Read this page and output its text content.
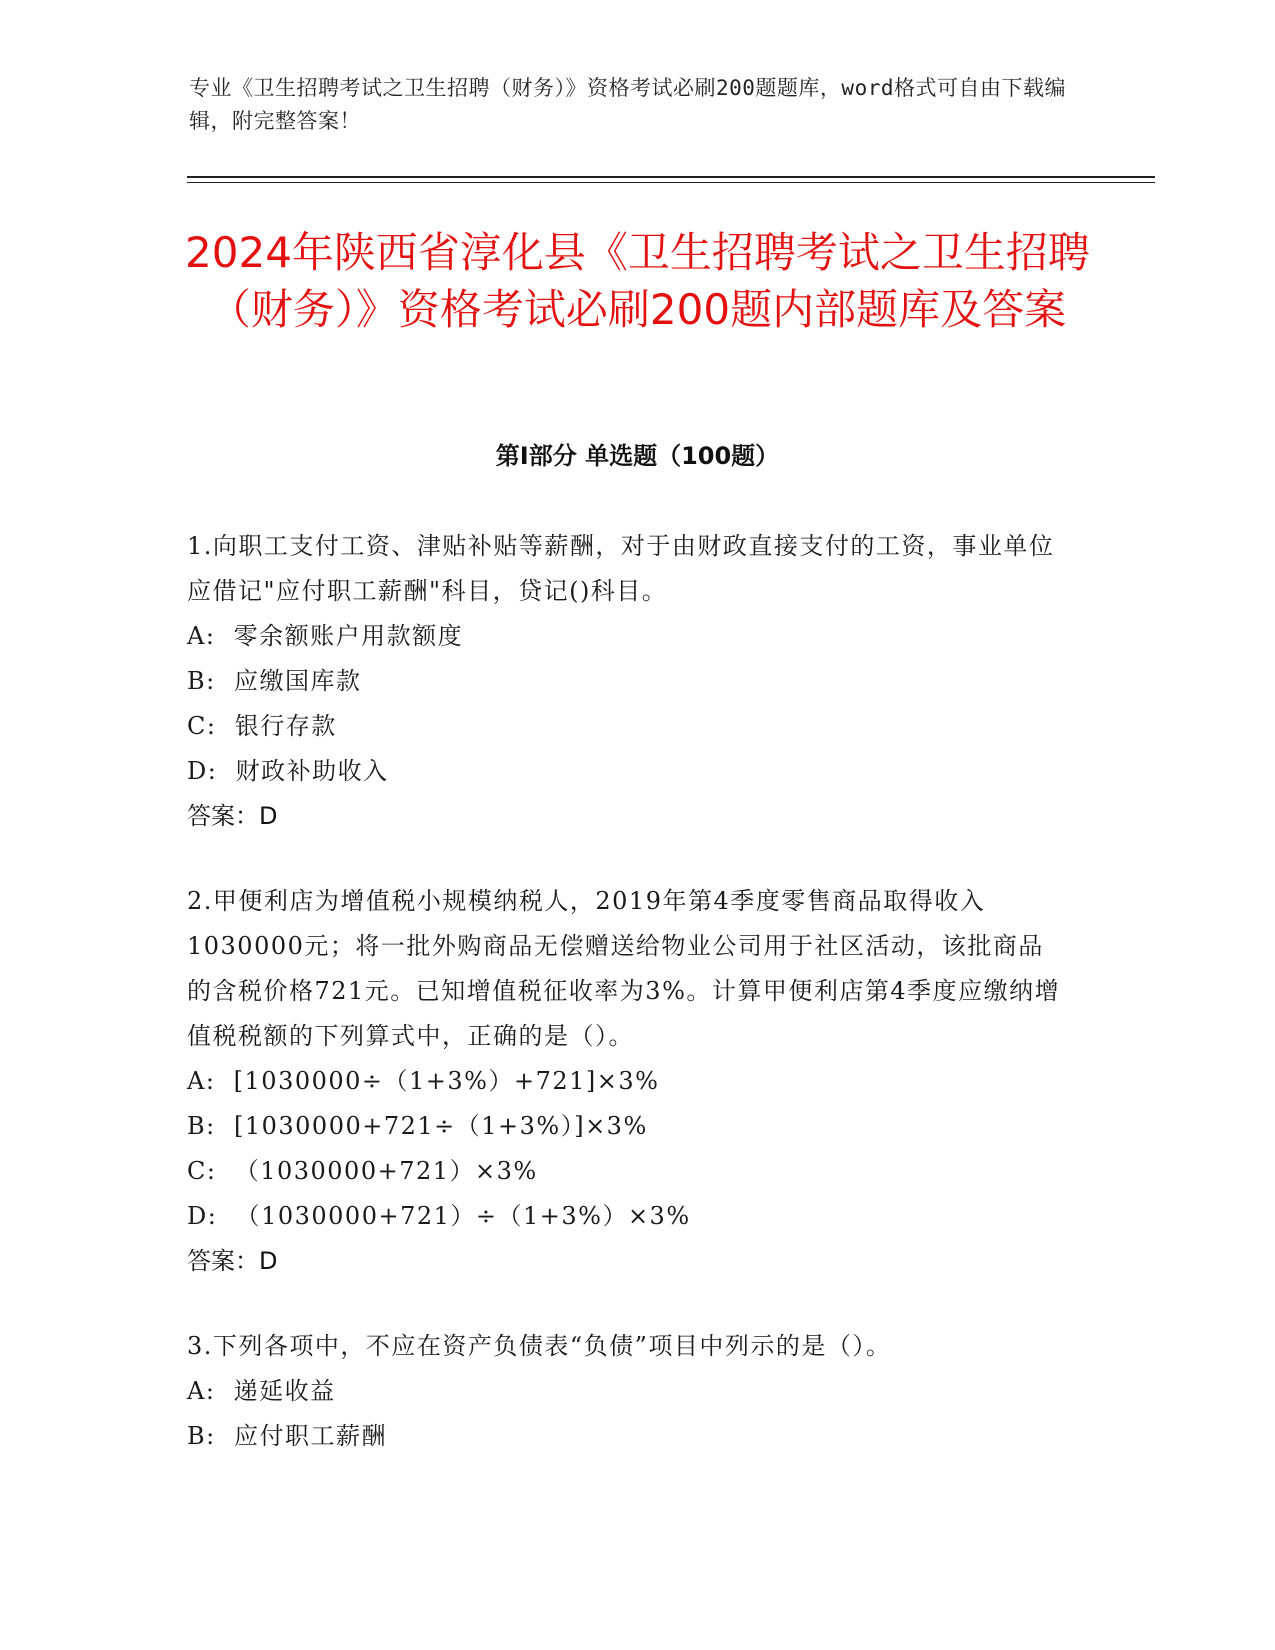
专业《卫生招聘考试之卫生招聘（财务）》资格考试必刷200题题库，word格式可自由下载编辑，附完整答案！
2024年陕西省淳化县《卫生招聘考试之卫生招聘（财务）》资格考试必刷200题内部题库及答案
第I部分 单选题（100题）

1.向职工支付工资、津贴补贴等薪酬，对于由财政直接支付的工资，事业单位应借记"应付职工薪酬"科目，贷记()科目。

A:  零余额账户用款额度

B:  应缴国库款

C:  银行存款

D:  财政补助收入

答案：D

2.甲便利店为增值税小规模纳税人，2019年第4季度零售商品取得收入1030000元；将一批外购商品无偿赠送给物业公司用于社区活动，该批商品的含税价格721元。已知增值税征收率为3%。计算甲便利店第4季度应缴纳增值税税额的下列算式中，正确的是（）。

A:  [1030000÷（1+3%）+721]×3%

B:  [1030000+721÷（1+3%）]×3%

C:  （1030000+721）×3%

D:  （1030000+721）÷（1+3%）×3%

答案：D

3.下列各项中，不应在资产负债表“负债”项目中列示的是（）。

A:  递延收益

B:  应付职工薪酬
